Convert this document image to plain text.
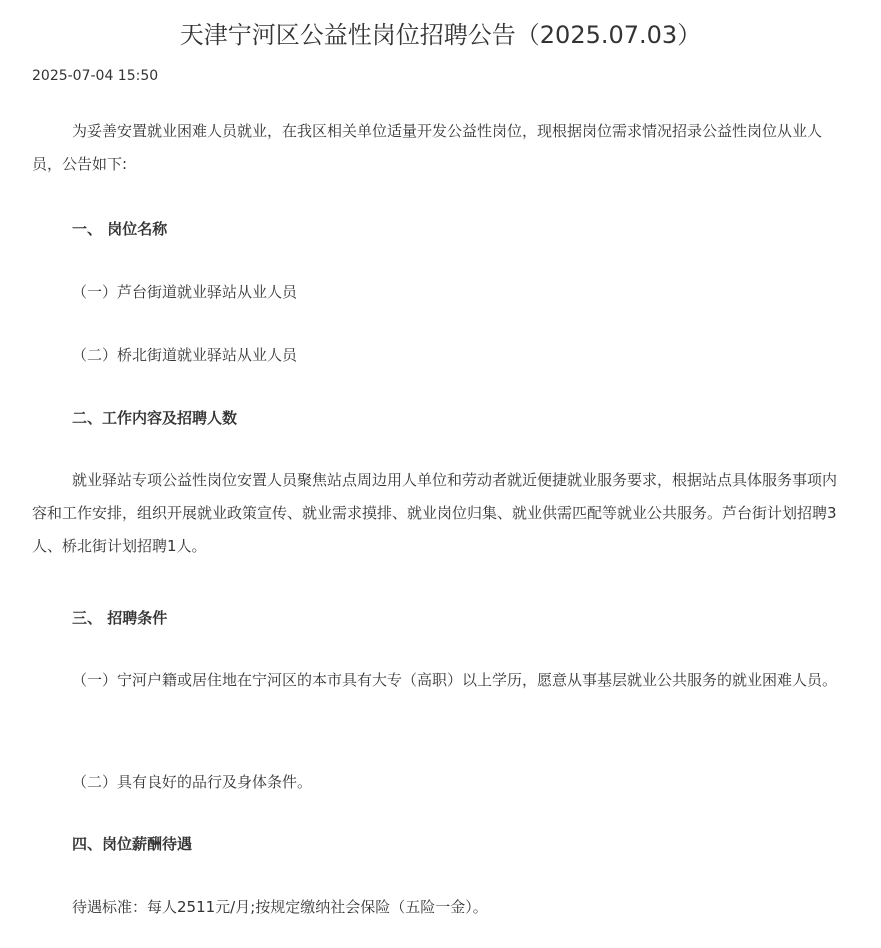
天津宁河区公益性岗位招聘公告（2025.07.03）
2025-07-04 15:50
为妥善安置就业困难人员就业，在我区相关单位适量开发公益性岗位，现根据岗位需求情况招录公益性岗位从业人员，公告如下:
一、 岗位名称
（一）芦台街道就业驿站从业人员
（二）桥北街道就业驿站从业人员
二、工作内容及招聘人数
就业驿站专项公益性岗位安置人员聚焦站点周边用人单位和劳动者就近便捷就业服务要求，根据站点具体服务事项内容和工作安排，组织开展就业政策宣传、就业需求摸排、就业岗位归集、就业供需匹配等就业公共服务。芦台街计划招聘3人、桥北街计划招聘1人。
三、 招聘条件
（一）宁河户籍或居住地在宁河区的本市具有大专（高职）以上学历，愿意从事基层就业公共服务的就业困难人员。
（二）具有良好的品行及身体条件。
四、岗位薪酬待遇
待遇标准：每人2511元/月;按规定缴纳社会保险（五险一金）。
